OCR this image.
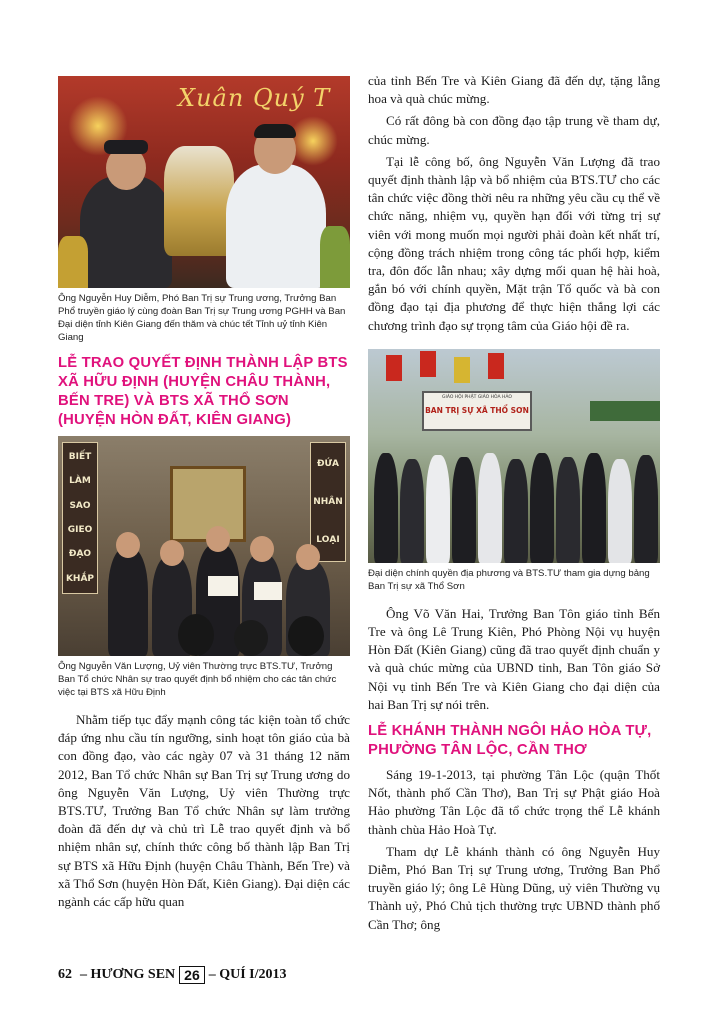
Xuân Quý T

Ông Nguyễn Huy Diễm, Phó Ban Trị sự Trung ương, Trưởng Ban Phổ truyền giáo lý cùng đoàn Ban Trị sự Trung ương PGHH và Ban Đại diện tỉnh Kiên Giang đến thăm và chúc tết Tỉnh uỷ tỉnh Kiên Giang

LỄ TRAO QUYẾT ĐỊNH THÀNH LẬP BTS XÃ HỮU ĐỊNH (HUYỆN CHÂU THÀNH, BẾN TRE) VÀ BTS XÃ THỔ SƠN (HUYỆN HÒN ĐẤT, KIÊN GIANG)
BIẾT
LÀM
SAO
GIEO
ĐẠO
KHẮP
ĐỨA
NHÂN
LOẠI

Ông Nguyễn Văn Lượng, Uỷ viên Thường trực BTS.TƯ, Trưởng Ban Tổ chức Nhân sự trao quyết định bổ nhiệm cho các tân chức việc tại BTS xã Hữu Định

Nhằm tiếp tục đẩy mạnh công tác kiện toàn tổ chức đáp ứng nhu cầu tín ngưỡng, sinh hoạt tôn giáo của bà con đồng đạo, vào các ngày 07 và 31 tháng 12 năm 2012, Ban Tổ chức Nhân sự Ban Trị sự Trung ương do ông Nguyễn Văn Lượng, Uỷ viên Thường trực BTS.TƯ, Trưởng Ban Tổ chức Nhân sự làm trưởng đoàn đã đến dự và chủ trì Lễ trao quyết định và bổ nhiệm nhân sự, chính thức công bố thành lập Ban Trị sự BTS xã Hữu Định (huyện Châu Thành, Bến Tre) và xã Thổ Sơn (huyện Hòn Đất, Kiên Giang). Đại diện các ngành các cấp hữu quan

của tỉnh Bến Tre và Kiên Giang đã đến dự, tặng lẵng hoa và quà chúc mừng.

Có rất đông bà con đồng đạo tập trung về tham dự, chúc mừng.

Tại lễ công bố, ông Nguyễn Văn Lượng đã trao quyết định thành lập và bổ nhiệm của BTS.TƯ cho các tân chức việc đồng thời nêu ra những yêu cầu cụ thể về chức năng, nhiệm vụ, quyền hạn đối với từng trị sự viên với mong muốn mọi người phải đoàn kết nhất trí, cộng đồng trách nhiệm trong công tác phối hợp, kiểm tra, đôn đốc lẫn nhau; xây dựng mối quan hệ hài hoà, gắn bó với chính quyền, Mặt trận Tổ quốc và bà con đồng đạo tại địa phương để thực hiện thắng lợi các chương trình đạo sự trọng tâm của Giáo hội đề ra.

GIÁO HỘI PHẬT GIÁO HÒA HẢO
BAN TRỊ SỰ XÃ THỔ SƠN

Đại diện chính quyền địa phương và BTS.TƯ tham gia dựng bảng Ban Trị sự xã Thổ Sơn

Ông Võ Văn Hai, Trưởng Ban Tôn giáo tỉnh Bến Tre và ông Lê Trung Kiên, Phó Phòng Nội vụ huyện Hòn Đất (Kiên Giang) cũng đã trao quyết định chuẩn y và quà chúc mừng của UBND tỉnh, Ban Tôn giáo Sở Nội vụ tỉnh Bến Tre và Kiên Giang cho đại diện của hai Ban Trị sự nói trên.

LỄ KHÁNH THÀNH NGÔI HẢO HÒA TỰ, PHƯỜNG TÂN LỘC, CẦN THƠ

Sáng 19-1-2013, tại phường Tân Lộc (quận Thốt Nốt, thành phố Cần Thơ), Ban Trị sự Phật giáo Hoà Hảo phường Tân Lộc đã tổ chức trọng thể Lễ khánh thành chùa Hảo Hoà Tự.

Tham dự Lễ khánh thành có ông Nguyễn Huy Diễm, Phó Ban Trị sự Trung ương, Trưởng Ban Phổ truyền giáo lý; ông Lê Hùng Dũng, uỷ viên Thường vụ Thành uỷ, Phó Chủ tịch thường trực UBND thành phố Cần Thơ; ông

62 – HƯƠNG SEN 26 – QUÍ I/2013
